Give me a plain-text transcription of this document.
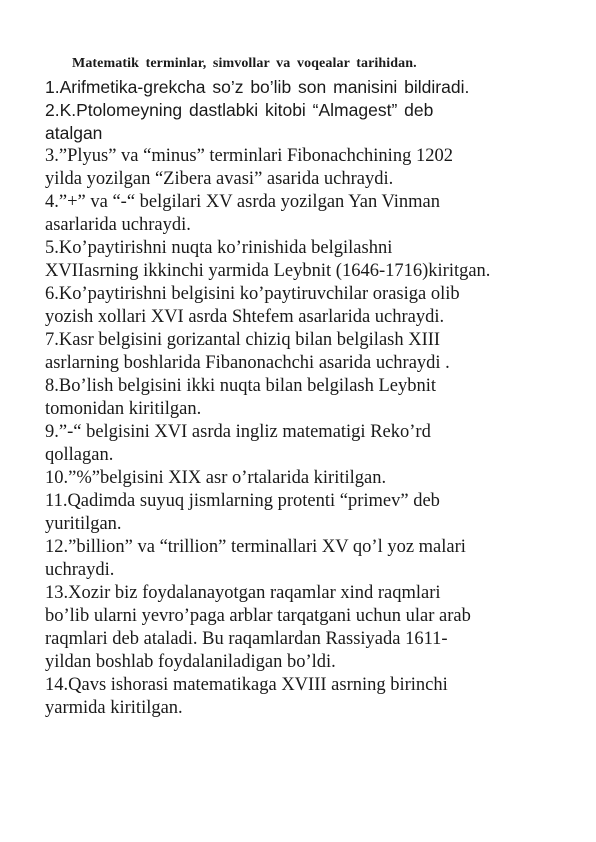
Matematik terminlar, simvollar va voqealar tarihidan.
1.Arifmetika-grekcha so’z bo’lib son manisini bildiradi.
2.K.Ptolomeyning dastlabki kitobi “Almagest” deb
atalgan
3.”Plyus” va “minus” terminlari Fibonachchining 1202
yilda yozilgan “Zibera avasi” asarida uchraydi.
4.”+” va “-“ belgilari XV asrda yozilgan Yan Vinman
asarlarida uchraydi.
5.Ko’paytirishni nuqta ko’rinishida belgilashni
XVIIasrning ikkinchi yarmida Leybnit (1646-1716)kiritgan.
6.Ko’paytirishni belgisini ko’paytiruvchilar orasiga olib
yozish xollari XVI asrda Shtefem asarlarida uchraydi.
7.Kasr belgisini gorizantal chiziq bilan belgilash XIII
asrlarning boshlarida Fibanonachchi asarida uchraydi .
8.Bo’lish belgisini ikki nuqta bilan belgilash Leybnit
tomonidan kiritilgan.
9.”-“ belgisini XVI asrda ingliz matematigi Reko’rd
qollagan.
10.”%”belgisini XIX asr o’rtalarida kiritilgan.
11.Qadimda suyuq jismlarning protenti “primev” deb
yuritilgan.
12.”billion” va “trillion” terminallari XV qo’l yoz malari
uchraydi.
13.Xozir biz foydalanayotgan raqamlar xind raqmlari
bo’lib ularni yevro’paga arblar tarqatgani uchun ular arab
raqmlari deb ataladi. Bu raqamlardan Rassiyada 1611-
yildan boshlab foydalaniladigan bo’ldi.
14.Qavs ishorasi matematikaga XVIII asrning birinchi
yarmida kiritilgan.
